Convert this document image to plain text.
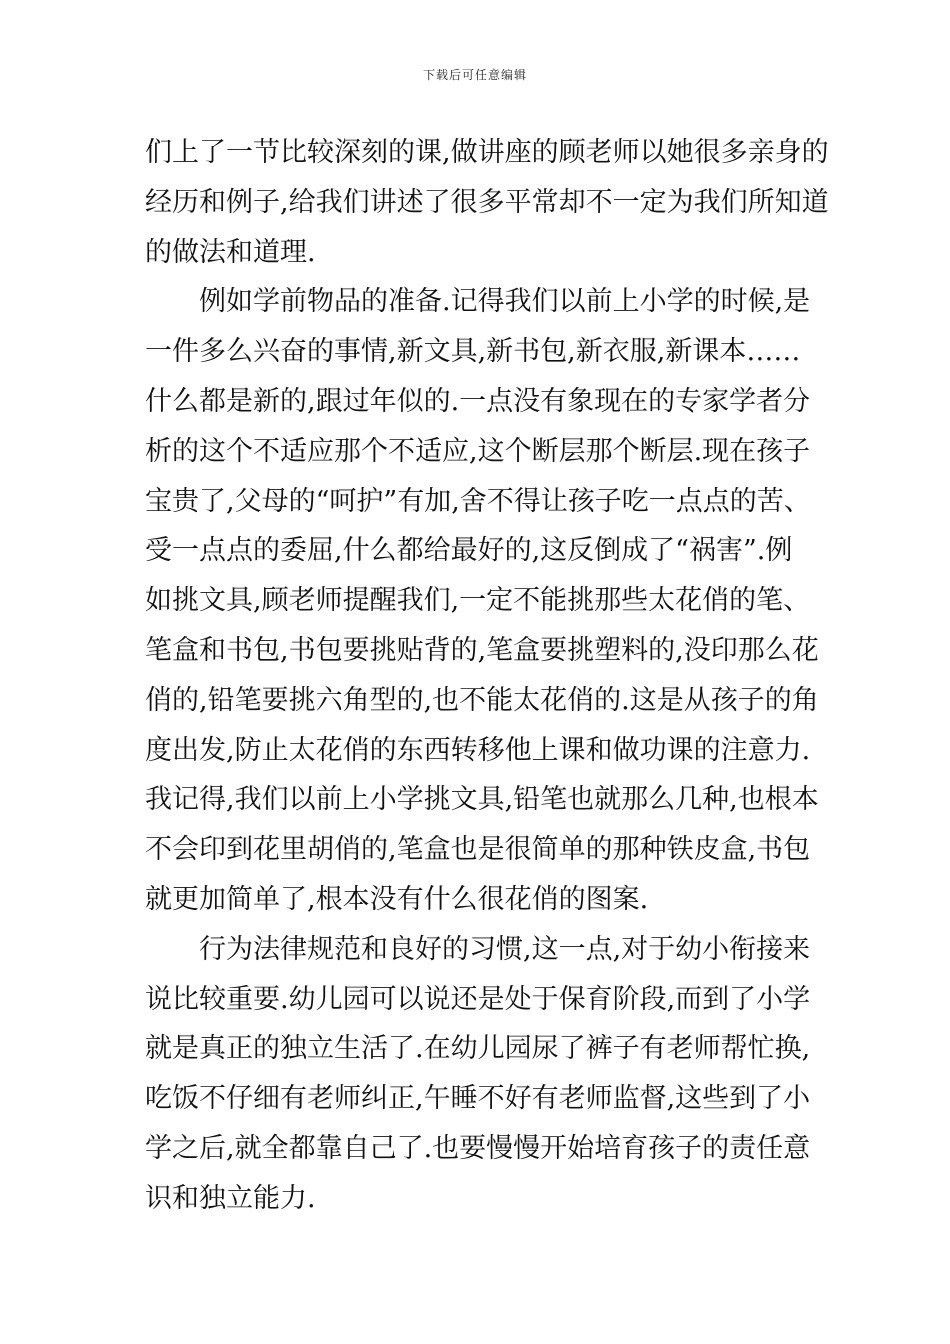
下载后可任意编辑
们上了一节比较深刻的课,做讲座的顾老师以她很多亲身的
经历和例子,给我们讲述了很多平常却不一定为我们所知道
的做法和道理.
　　例如学前物品的准备.记得我们以前上小学的时候,是
一件多么兴奋的事情,新文具,新书包,新衣服,新课本……
什么都是新的,跟过年似的.一点没有象现在的专家学者分
析的这个不适应那个不适应,这个断层那个断层.现在孩子
宝贵了,父母的“呵护”有加,舍不得让孩子吃一点点的苦、
受一点点的委屈,什么都给最好的,这反倒成了“祸害”.例
如挑文具,顾老师提醒我们,一定不能挑那些太花俏的笔、
笔盒和书包,书包要挑贴背的,笔盒要挑塑料的,没印那么花
俏的,铅笔要挑六角型的,也不能太花俏的.这是从孩子的角
度出发,防止太花俏的东西转移他上课和做功课的注意力.
我记得,我们以前上小学挑文具,铅笔也就那么几种,也根本
不会印到花里胡俏的,笔盒也是很简单的那种铁皮盒,书包
就更加简单了,根本没有什么很花俏的图案.
　　行为法律规范和良好的习惯,这一点,对于幼小衔接来
说比较重要.幼儿园可以说还是处于保育阶段,而到了小学
就是真正的独立生活了.在幼儿园尿了裤子有老师帮忙换,
吃饭不仔细有老师纠正,午睡不好有老师监督,这些到了小
学之后,就全都靠自己了.也要慢慢开始培育孩子的责任意
识和独立能力.
